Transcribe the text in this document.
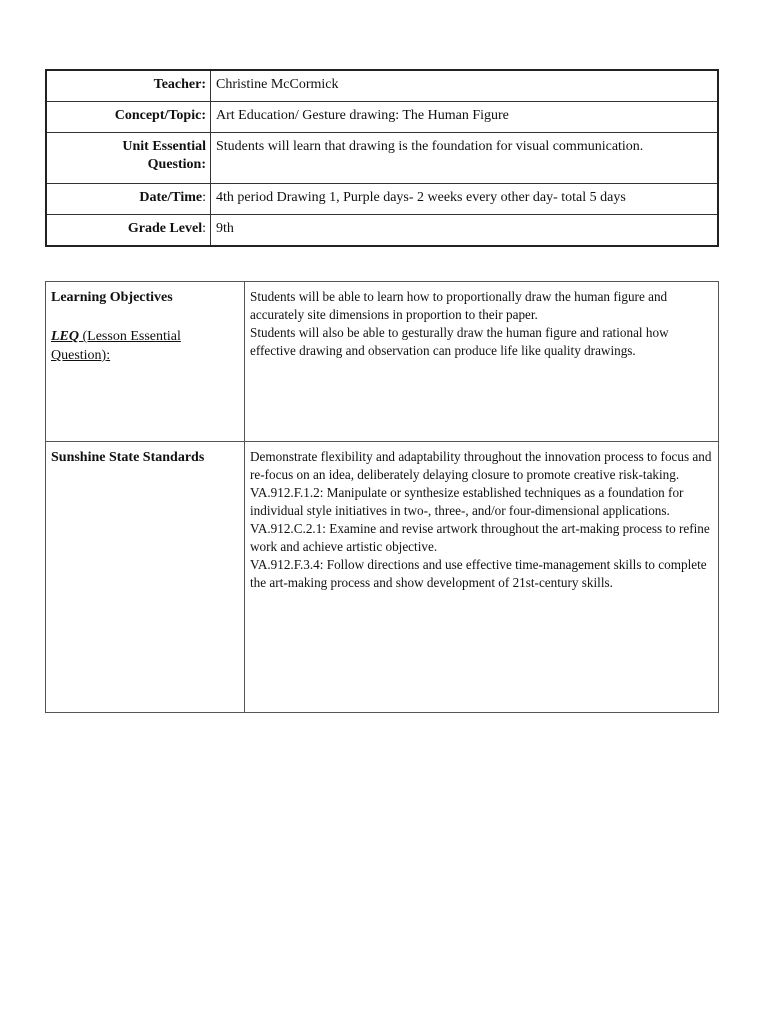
Teacher:	Christine McCormick
Concept/Topic:	Art Education/ Gesture drawing: The Human Figure

Unit Essential
Question:	Students will learn that drawing is the foundation for visual communication.
Date/Time:	4th period Drawing 1, Purple days- 2 weeks every other day- total 5 days
Grade Level:	9th
Learning Objectives
LEQ (Lesson Essential Question):	Students will be able to learn how to proportionally draw the human figure and accurately site dimensions in proportion to their paper.
Students will also be able to gesturally draw the human figure and rational how effective drawing and observation can produce life like quality drawings.

Sunshine State Standards	Demonstrate flexibility and adaptability throughout the innovation process to focus and re-focus on an idea, deliberately delaying closure to promote creative risk-taking.
VA.912.F.1.2: Manipulate or synthesize established techniques as a foundation for individual style initiatives in two-, three-, and/or four-dimensional applications.
VA.912.C.2.1: Examine and revise artwork throughout the art-making process to refine work and achieve artistic objective.
VA.912.F.3.4: Follow directions and use effective time-management skills to complete the art-making process and show development of 21st-century skills.
